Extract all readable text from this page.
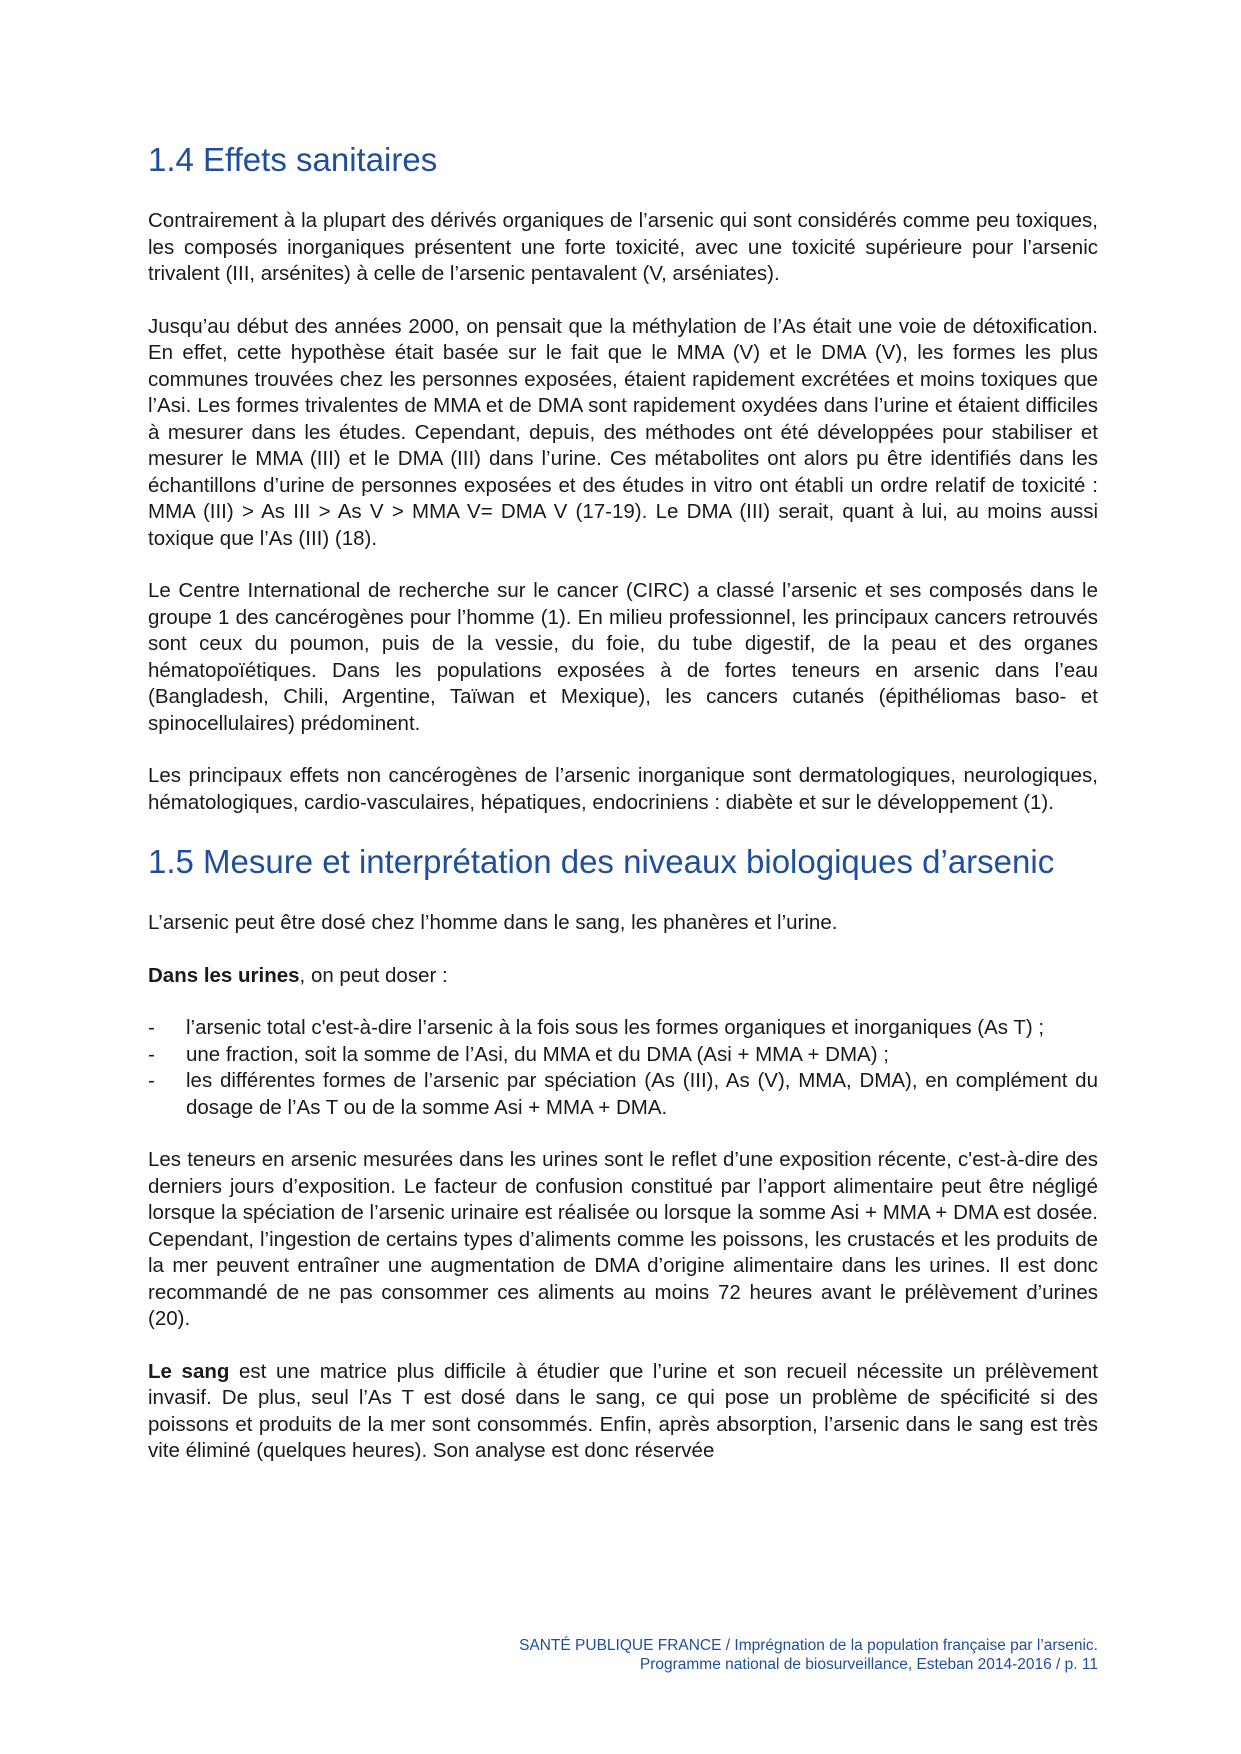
1.4 Effets sanitaires

Contrairement à la plupart des dérivés organiques de l’arsenic qui sont considérés comme peu toxiques, les composés inorganiques présentent une forte toxicité, avec une toxicité supérieure pour l’arsenic trivalent (III, arsénites) à celle de l’arsenic pentavalent (V, arséniates).

Jusqu’au début des années 2000, on pensait que la méthylation de l’As était une voie de détoxification. En effet, cette hypothèse était basée sur le fait que le MMA (V) et le DMA (V), les formes les plus communes trouvées chez les personnes exposées, étaient rapidement excrétées et moins toxiques que l’Asi. Les formes trivalentes de MMA et de DMA sont rapidement oxydées dans l’urine et étaient difficiles à mesurer dans les études. Cependant, depuis, des méthodes ont été développées pour stabiliser et mesurer le MMA (III) et le DMA (III) dans l’urine. Ces métabolites ont alors pu être identifiés dans les échantillons d’urine de personnes exposées et des études in vitro ont établi un ordre relatif de toxicité : MMA (III) > As III > As V > MMA V= DMA V (17-19). Le DMA (III) serait, quant à lui, au moins aussi toxique que l’As (III) (18).

Le Centre International de recherche sur le cancer (CIRC) a classé l’arsenic et ses composés dans le groupe 1 des cancérogènes pour l’homme (1). En milieu professionnel, les principaux cancers retrouvés sont ceux du poumon, puis de la vessie, du foie, du tube digestif, de la peau et des organes hématopoïétiques. Dans les populations exposées à de fortes teneurs en arsenic dans l’eau (Bangladesh, Chili, Argentine, Taïwan et Mexique), les cancers cutanés (épithéliomas baso- et spinocellulaires) prédominent.

Les principaux effets non cancérogènes de l’arsenic inorganique sont dermatologiques, neurologiques, hématologiques, cardio-vasculaires, hépatiques, endocriniens : diabète et sur le développement (1).

1.5 Mesure et interprétation des niveaux biologiques d’arsenic

L’arsenic peut être dosé chez l’homme dans le sang, les phanères et l’urine.

Dans les urines, on peut doser :

- l’arsenic total c'est-à-dire l’arsenic à la fois sous les formes organiques et inorganiques (As T) ;
- une fraction, soit la somme de l’Asi, du MMA et du DMA (Asi + MMA + DMA) ;
- les différentes formes de l’arsenic par spéciation (As (III), As (V), MMA, DMA), en complément du dosage de l’As T ou de la somme Asi + MMA + DMA.

Les teneurs en arsenic mesurées dans les urines sont le reflet d’une exposition récente, c'est-à-dire des derniers jours d’exposition. Le facteur de confusion constitué par l’apport alimentaire peut être négligé lorsque la spéciation de l’arsenic urinaire est réalisée ou lorsque la somme Asi + MMA + DMA est dosée. Cependant, l’ingestion de certains types d’aliments comme les poissons, les crustacés et les produits de la mer peuvent entraîner une augmentation de DMA d’origine alimentaire dans les urines. Il est donc recommandé de ne pas consommer ces aliments au moins 72 heures avant le prélèvement d’urines (20).

Le sang est une matrice plus difficile à étudier que l’urine et son recueil nécessite un prélèvement invasif. De plus, seul l’As T est dosé dans le sang, ce qui pose un problème de spécificité si des poissons et produits de la mer sont consommés. Enfin, après absorption, l’arsenic dans le sang est très vite éliminé (quelques heures). Son analyse est donc réservée

SANTÉ PUBLIQUE FRANCE / Imprégnation de la population française par l’arsenic.
Programme national de biosurveillance, Esteban 2014-2016 / p. 11
